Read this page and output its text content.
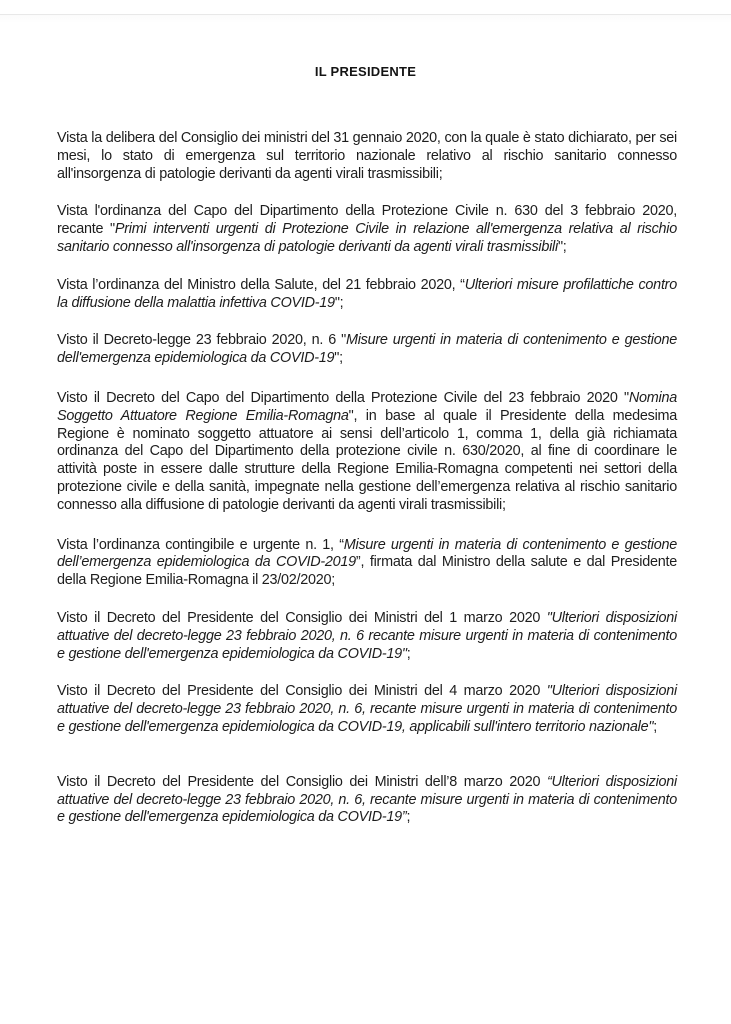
IL PRESIDENTE

Vista la delibera del Consiglio dei ministri del 31 gennaio 2020, con la quale è stato dichiarato, per sei mesi, lo stato di emergenza sul territorio nazionale relativo al rischio sanitario connesso all'insorgenza di patologie derivanti da agenti virali trasmissibili;

Vista l'ordinanza del Capo del Dipartimento della Protezione Civile n. 630 del 3 febbraio 2020, recante "Primi interventi urgenti di Protezione Civile in relazione all'emergenza relativa al rischio sanitario connesso all'insorgenza di patologie derivanti da agenti virali trasmissibili";

Vista l’ordinanza del Ministro della Salute, del 21 febbraio 2020, “Ulteriori misure profilattiche contro la diffusione della malattia infettiva COVID-19";

Visto il Decreto-legge 23 febbraio 2020, n. 6 "Misure urgenti in materia di contenimento e gestione dell'emergenza epidemiologica da COVID-19";

Visto il Decreto del Capo del Dipartimento della Protezione Civile del 23 febbraio 2020 "Nomina Soggetto Attuatore Regione Emilia-Romagna", in base al quale il Presidente della medesima Regione è nominato soggetto attuatore ai sensi dell’articolo 1, comma 1, della già richiamata ordinanza del Capo del Dipartimento della protezione civile n. 630/2020, al fine di coordinare le attività poste in essere dalle strutture della Regione Emilia-Romagna competenti nei settori della protezione civile e della sanità, impegnate nella gestione dell’emergenza relativa al rischio sanitario connesso alla diffusione di patologie derivanti da agenti virali trasmissibili;

Vista l’ordinanza contingibile e urgente n. 1, “Misure urgenti in materia di contenimento e gestione dell’emergenza epidemiologica da COVID-2019”, firmata dal Ministro della salute e dal Presidente della Regione Emilia-Romagna il 23/02/2020;

Visto il Decreto del Presidente del Consiglio dei Ministri del 1 marzo 2020 "Ulteriori disposizioni attuative del decreto-legge 23 febbraio 2020, n. 6 recante misure urgenti in materia di contenimento e gestione dell'emergenza epidemiologica da COVID-19";

Visto il Decreto del Presidente del Consiglio dei Ministri del 4 marzo 2020 "Ulteriori disposizioni attuative del decreto-legge 23 febbraio 2020, n. 6, recante misure urgenti in materia di contenimento e gestione dell'emergenza epidemiologica da COVID-19, applicabili sull'intero territorio nazionale";

Visto il Decreto del Presidente del Consiglio dei Ministri dell’8 marzo 2020 “Ulteriori disposizioni attuative del decreto-legge 23 febbraio 2020, n. 6, recante misure urgenti in materia di contenimento e gestione dell'emergenza epidemiologica da COVID-19”;
